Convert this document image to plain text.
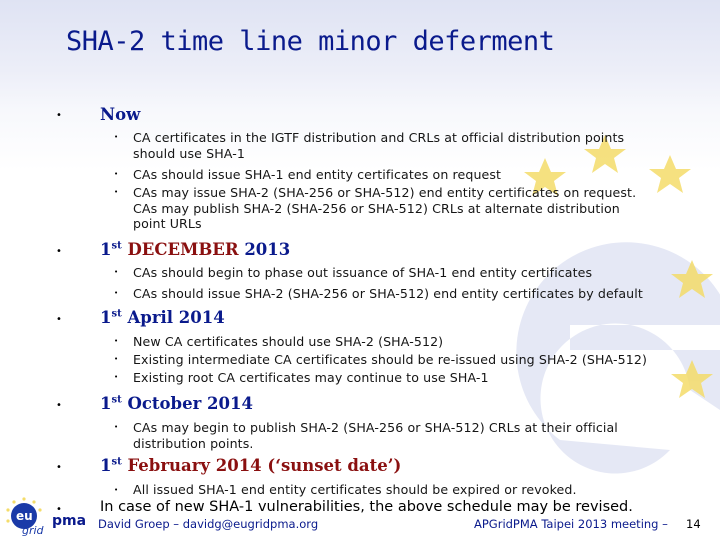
SHA-2 time line minor deferment
• Now
• CA certificates in the IGTF distribution and CRLs at official distribution points
should use SHA-1
• CAs should issue SHA-1 end entity certificates on request
• CAs may issue SHA-2 (SHA-256 or SHA-512) end entity certificates on request.
CAs may publish SHA-2 (SHA-256 or SHA-512) CRLs at alternate distribution
point URLs
• 1st DECEMBER 2013
• CAs should begin to phase out issuance of SHA-1 end entity certificates
• CAs should issue SHA-2 (SHA-256 or SHA-512) end entity certificates by default
• 1st April 2014
• New CA certificates should use SHA-2 (SHA-512)
• Existing intermediate CA certificates should be re-issued using SHA-2 (SHA-512)
• Existing root CA certificates may continue to use SHA-1
• 1st October 2014
• CAs may begin to publish SHA-2 (SHA-256 or SHA-512) CRLs at their official
distribution points.
• 1st February 2014 (‘sunset date’)
• All issued SHA-1 end entity certificates should be expired or revoked.
•	In case of new SHA-1 vulnerabilities, the above schedule may be revised.
eu
grid
pma David Groep – davidg@eugridpma.org	APGridPMA Taipei 2013 meeting – 14
